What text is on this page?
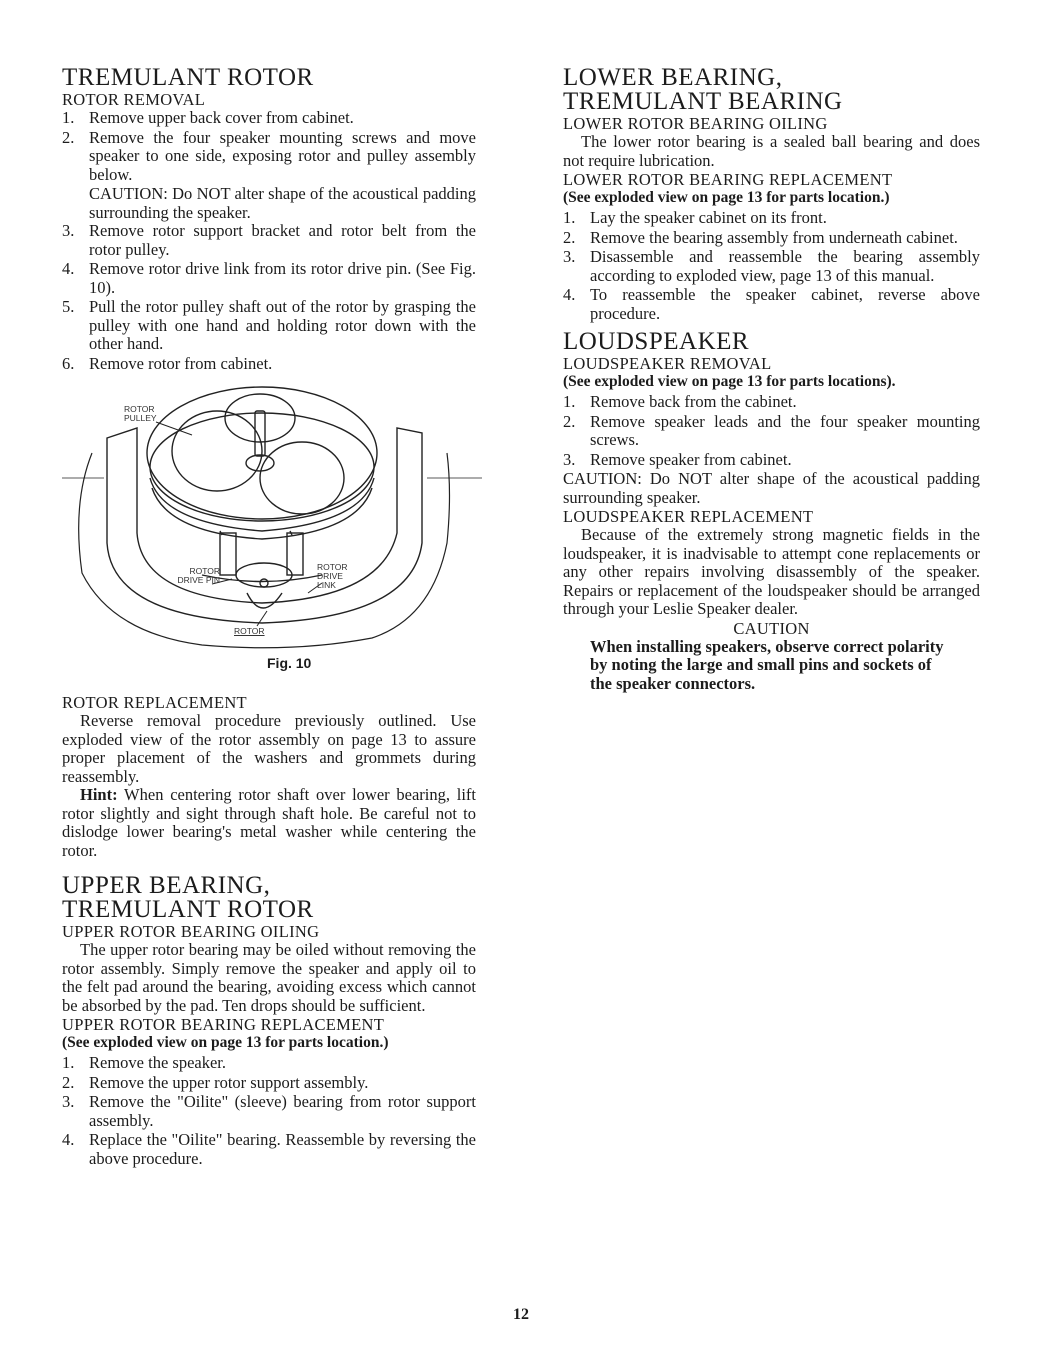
TREMULANT ROTOR
ROTOR REMOVAL
1. Remove upper back cover from cabinet.
2. Remove the four speaker mounting screws and move speaker to one side, exposing rotor and pulley assembly below.
CAUTION: Do NOT alter shape of the acoustical padding surrounding the speaker.
3. Remove rotor support bracket and rotor belt from the rotor pulley.
4. Remove rotor drive link from its rotor drive pin. (See Fig. 10).
5. Pull the rotor pulley shaft out of the rotor by grasping the pulley with one hand and holding rotor down with the other hand.
6. Remove rotor from cabinet.
ROTOR PULLEY
ROTOR DRIVE PIN
ROTOR DRIVE LINK
ROTOR
Fig. 10
ROTOR REPLACEMENT

Reverse removal procedure previously outlined. Use exploded view of the rotor assembly on page 13 to assure proper placement of the washers and grommets during reassembly.

Hint: When centering rotor shaft over lower bearing, lift rotor slightly and sight through shaft hole. Be careful not to dislodge lower bearing's metal washer while centering the rotor.

UPPER BEARING,
TREMULANT ROTOR
UPPER ROTOR BEARING OILING

The upper rotor bearing may be oiled without removing the rotor assembly. Simply remove the speaker and apply oil to the felt pad around the bearing, avoiding excess which cannot be absorbed by the pad. Ten drops should be sufficient.

UPPER ROTOR BEARING REPLACEMENT
(See exploded view on page 13 for parts location.)
1. Remove the speaker.
2. Remove the upper rotor support assembly.
3. Remove the "Oilite" (sleeve) bearing from rotor support assembly.
4. Replace the "Oilite" bearing. Reassemble by reversing the above procedure.
LOWER BEARING,
TREMULANT BEARING
LOWER ROTOR BEARING OILING

The lower rotor bearing is a sealed ball bearing and does not require lubrication.

LOWER ROTOR BEARING REPLACEMENT
(See exploded view on page 13 for parts location.)
1. Lay the speaker cabinet on its front.
2. Remove the bearing assembly from underneath cabinet.
3. Disassemble and reassemble the bearing assembly according to exploded view, page 13 of this manual.
4. To reassemble the speaker cabinet, reverse above procedure.
LOUDSPEAKER
LOUDSPEAKER REMOVAL
(See exploded view on page 13 for parts locations).
1. Remove back from the cabinet.
2. Remove speaker leads and the four speaker mounting screws.
3. Remove speaker from cabinet.

CAUTION: Do NOT alter shape of the acoustical padding surrounding speaker.

LOUDSPEAKER REPLACEMENT

Because of the extremely strong magnetic fields in the loudspeaker, it is inadvisable to attempt cone replacements or any other repairs involving disassembly of the speaker. Repairs or replacement of the loudspeaker should be arranged through your Leslie Speaker dealer.

CAUTION
When installing speakers, observe correct polarity by noting the large and small pins and sockets of the speaker connectors.
12
